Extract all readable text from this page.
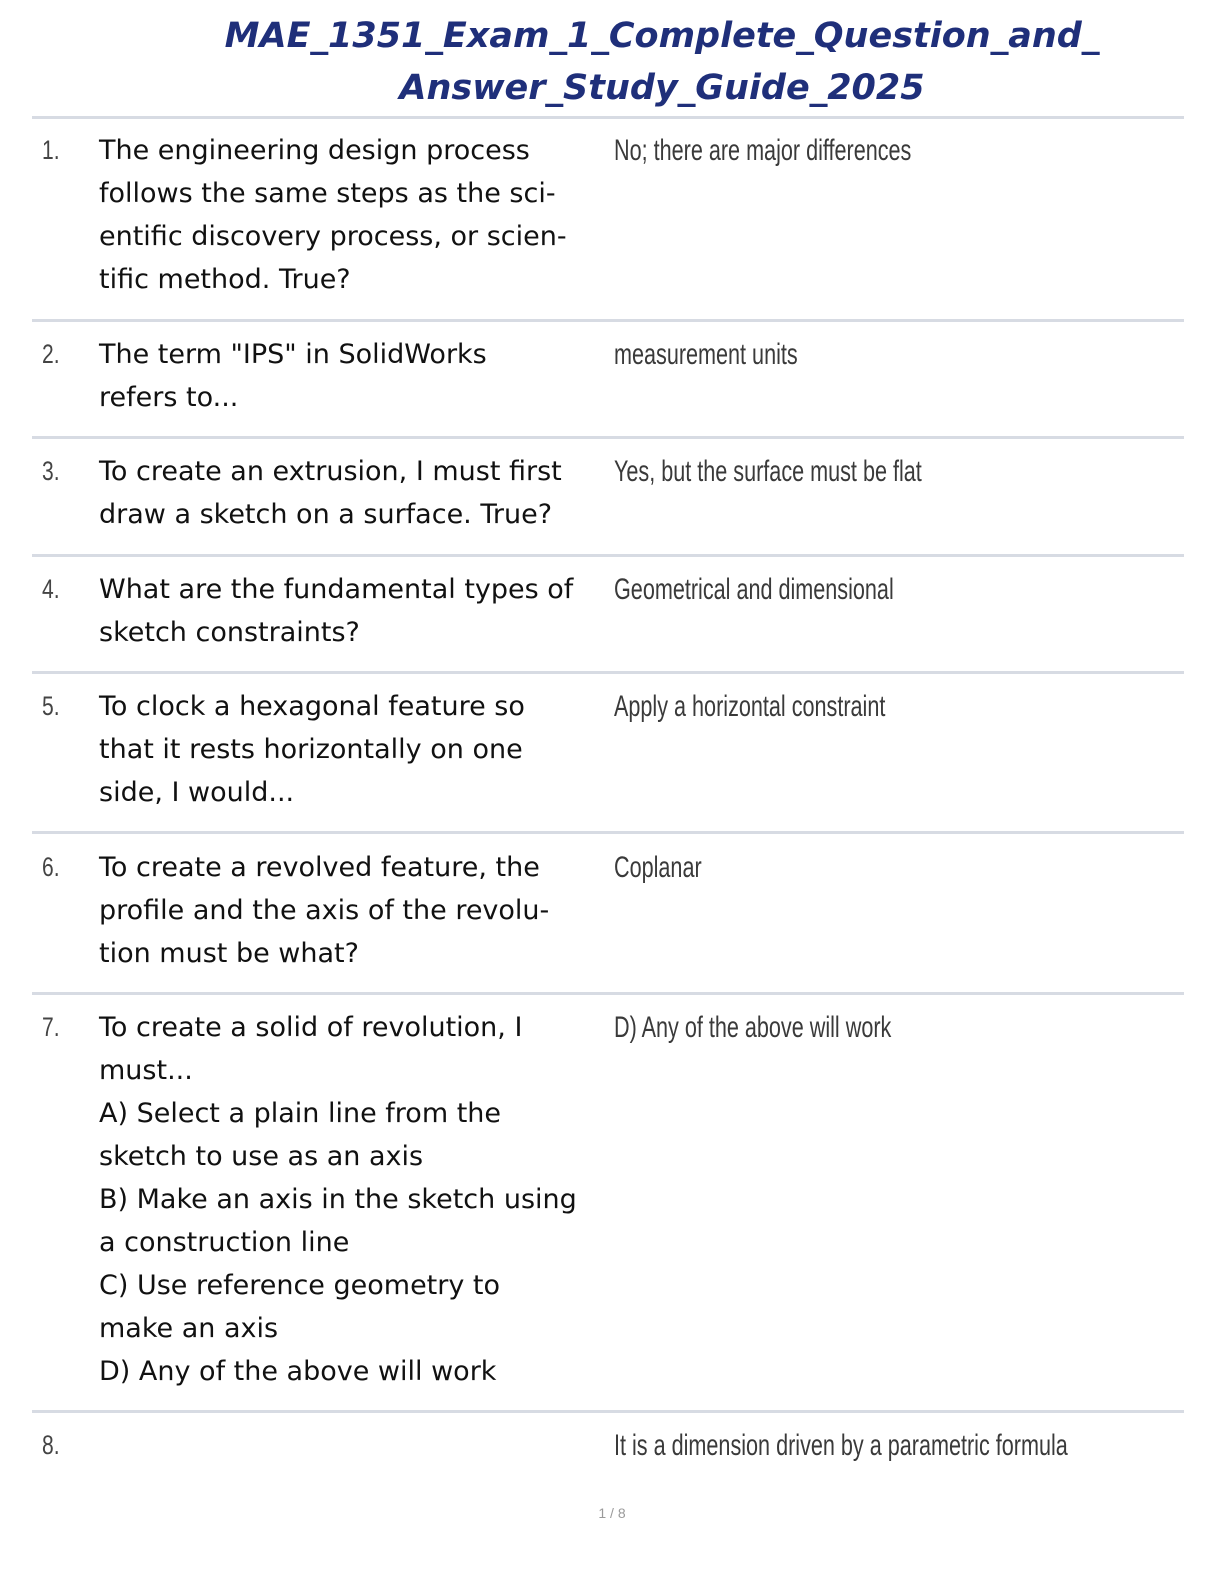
MAE_1351_Exam_1_Complete_Question_and_
Answer_Study_Guide_2025
1. The engineering design process
follows the same steps as the sci-
entific discovery process, or scien-
tific method. True?
No; there are major differences
2. The term "IPS" in SolidWorks
refers to...
measurement units
3. To create an extrusion, I must first
draw a sketch on a surface. True?
Yes, but the surface must be flat
4. What are the fundamental types of
sketch constraints?
Geometrical and dimensional
5. To clock a hexagonal feature so
that it rests horizontally on one
side, I would...
Apply a horizontal constraint
6. To create a revolved feature, the
profile and the axis of the revolu-
tion must be what?
Coplanar
7. To create a solid of revolution, I
must...
A) Select a plain line from the
sketch to use as an axis
B) Make an axis in the sketch using
a construction line
C) Use reference geometry to
make an axis
D) Any of the above will work
D) Any of the above will work
8.	It is a dimension driven by a parametric formula
1 / 8
